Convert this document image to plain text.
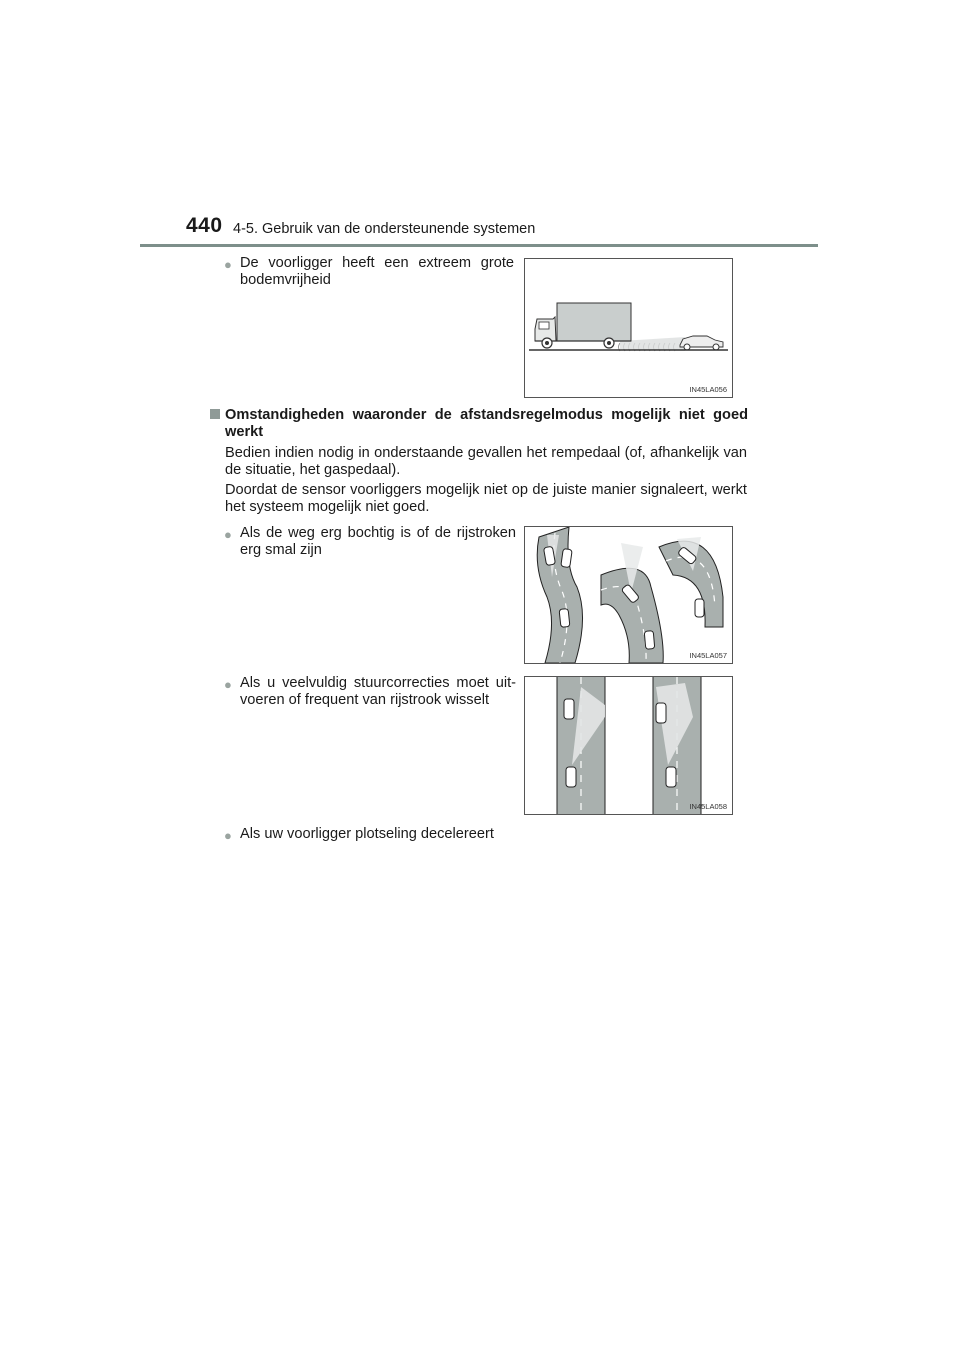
440 4-5. Gebruik van de ondersteunende systemen
● De voorligger heeft een extreem grote bodemvrijheid
IN45LA056
Omstandigheden waaronder de afstandsregelmodus mogelijk niet goed werkt
Bedien indien nodig in onderstaande gevallen het rempedaal (of, afhankelijk van de situatie, het gaspedaal).
Doordat de sensor voorliggers mogelijk niet op de juiste manier signaleert, werkt het systeem mogelijk niet goed.
● Als de weg erg bochtig is of de rijstroken erg smal zijn
IN45LA057
● Als u veelvuldig stuurcorrecties moet uit-voeren of frequent van rijstrook wisselt
IN45LA058
● Als uw voorligger plotseling decelereert
